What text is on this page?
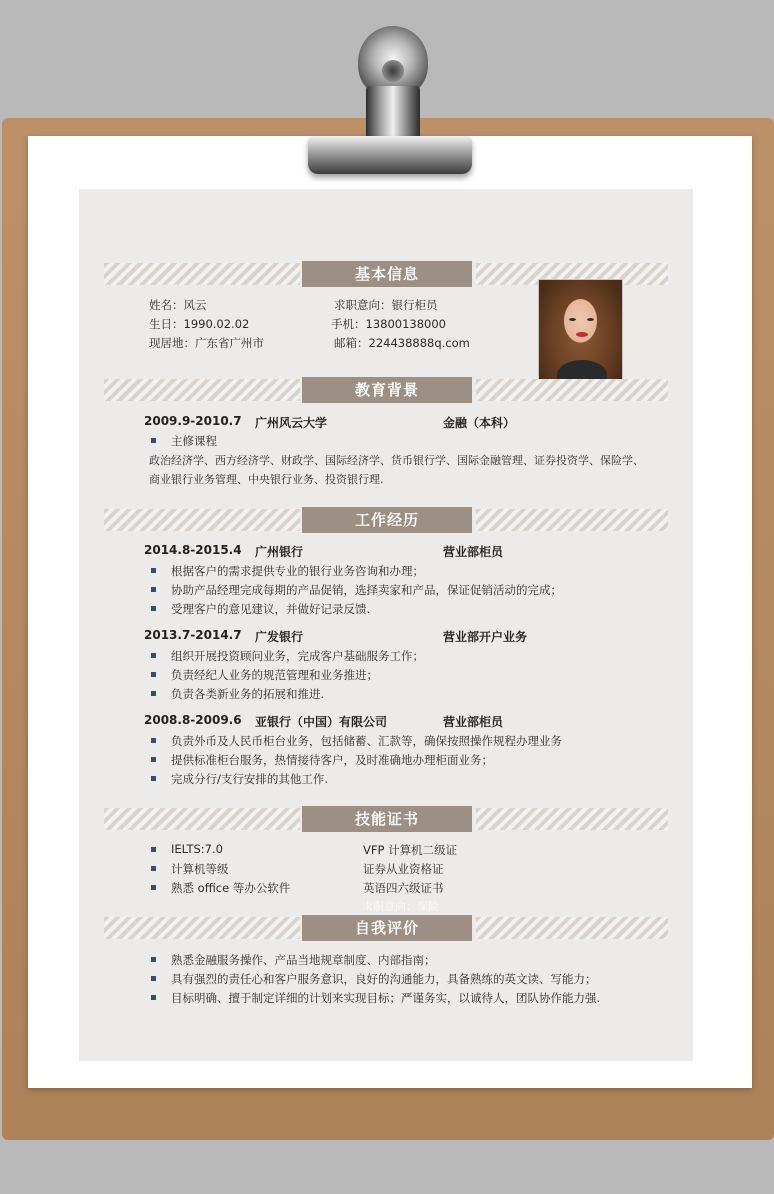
基本信息
姓名：风云	求职意向：银行柜员
生日：1990.02.02	手机：13800138000
现居地：广东省广州市	邮箱：224438888q.com
教育背景
2009.9-2010.7 广州风云大学	金融（本科）
主修课程
政治经济学、西方经济学、财政学、国际经济学、货币银行学、国际金融管理、证券投资学、保险学、
商业银行业务管理、中央银行业务、投资银行理.
工作经历
2014.8-2015.4 广州银行	营业部柜员
根据客户的需求提供专业的银行业务咨询和办理；
协助产品经理完成每期的产品促销，选择卖家和产品，保证促销活动的完成；
受理客户的意见建议，并做好记录反馈.
2013.7-2014.7 广发银行	营业部开户业务
组织开展投资顾问业务，完成客户基础服务工作；
负责经纪人业务的规范管理和业务推进；
负责各类新业务的拓展和推进.
2008.8-2009.6 亚银行（中国）有限公司	营业部柜员
负责外币及人民币柜台业务，包括储蓄、汇款等，确保按照操作规程办理业务
提供标准柜台服务，热情接待客户，及时准确地办理柜面业务；
完成分行/支行安排的其他工作.
技能证书
IELTS:7.0	VFP 计算机二级证
计算机等级	证券从业资格证
熟悉 office 等办公软件	英语四六级证书
自我评价
求职意向：保险
熟悉金融服务操作、产品当地规章制度、内部指南；
具有强烈的责任心和客户服务意识，良好的沟通能力，具备熟练的英文读、写能力；
目标明确、擅于制定详细的计划来实现目标；严谨务实，以诚待人，团队协作能力强.
